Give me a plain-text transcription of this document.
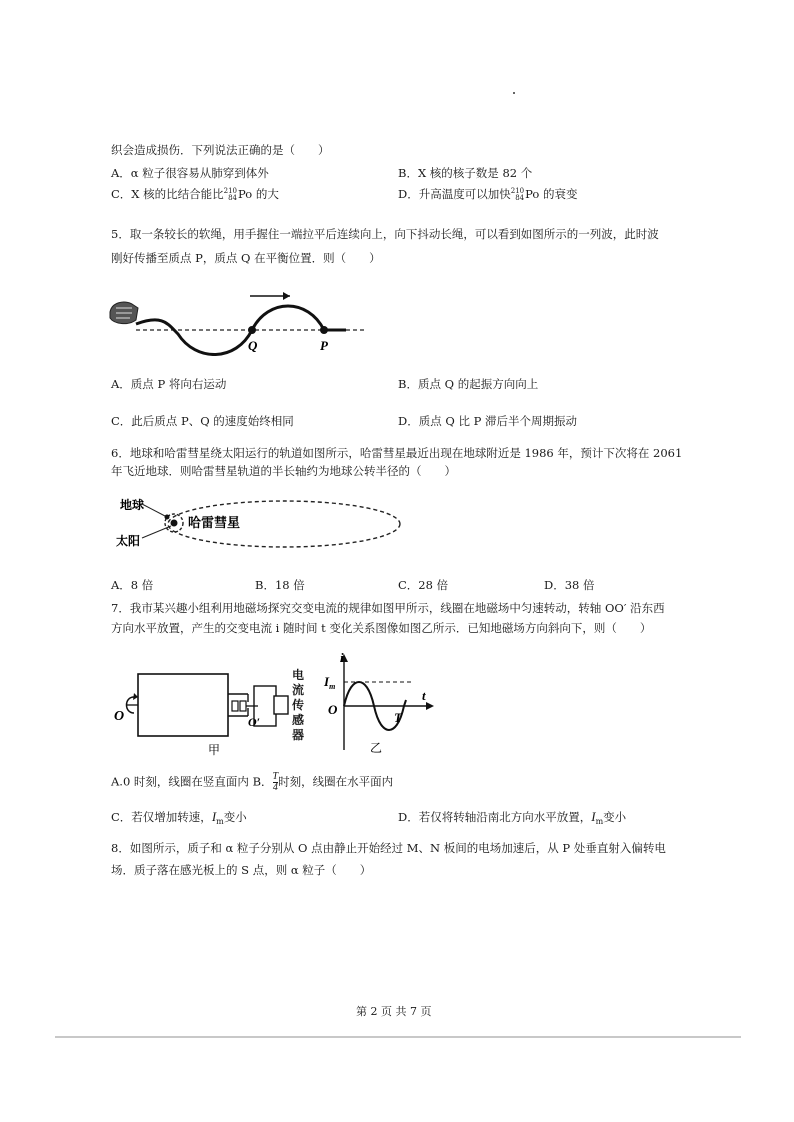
织会造成损伤．下列说法正确的是（　　）
A．α 粒子很容易从肺穿到体外	B．X 核的核子数是 82 个
C．X 核的比结合能比 210
84 Po 的大	D．升高温度可以加快 210
84 Po 的衰变
5．取一条较长的软绳，用手握住一端拉平后连续向上，向下抖动长绳，可以看到如图所示的一列波，此时波
刚好传播至质点 P，质点 Q 在平衡位置．则（　　）
Q	P
A．质点 P 将向右运动	B．质点 Q 的起振方向向上
C．此后质点 P、Q 的速度始终相同	D．质点 Q 比 P 滞后半个周期振动
6．地球和哈雷彗星绕太阳运行的轨道如图所示，哈雷彗星最近出现在地球附近是 1986 年，预计下次将在 2061
年飞近地球．则哈雷彗星轨道的半长轴约为地球公转半径的（　　）
地球
哈雷彗星
太阳
A．8 倍	B．18 倍	C．28 倍	D．38 倍
7．我市某兴趣小组利用地磁场探究交变电流的规律如图甲所示，线圈在地磁场中匀速转动，转轴 OO′ 沿东西
方向水平放置，产生的交变电流 i 随时间 t 变化关系图像如图乙所示．已知地磁场方向斜向下，则（　　）
O	O′
甲
电
流
传
感
器
i
t
$I_m$
O
T
乙
A.0 时刻，线圈在竖直面内 B． $\frac{T}{4}$ 时刻，线圈在水平面内
C．若仅增加转速，$I_m$变小	D．若仅将转轴沿南北方向水平放置，$I_m$变小
8．如图所示，质子和 α 粒子分别从 O 点由静止开始经过 M、N 板间的电场加速后，从 P 处垂直射入偏转电
场．质子落在感光板上的 S 点，则 α 粒子（　　）
第 2 页 共 7 页
